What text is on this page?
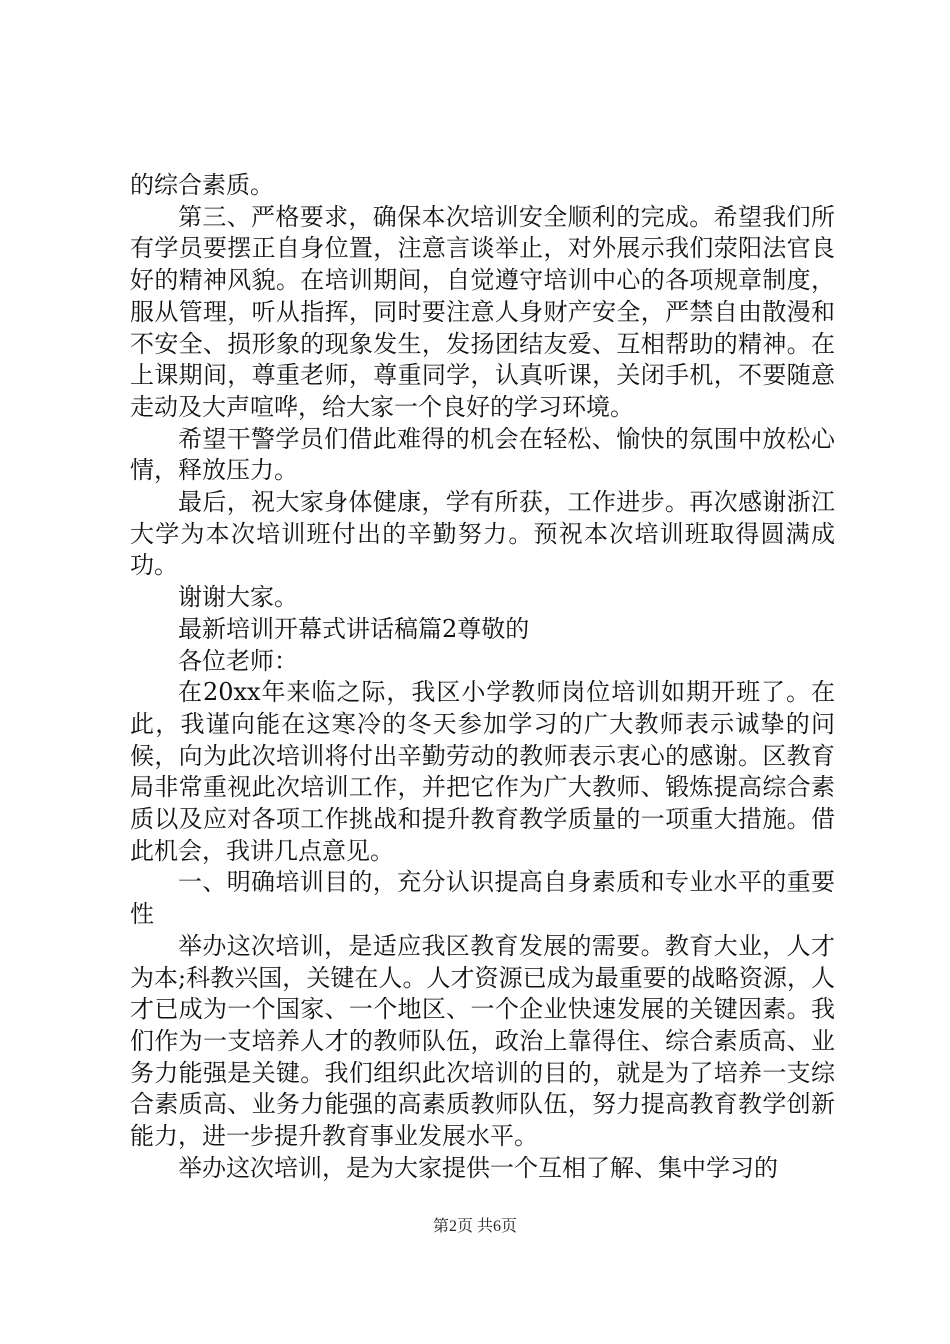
的综合素质。

第三、严格要求，确保本次培训安全顺利的完成。希望我们所有学员要摆正自身位置，注意言谈举止，对外展示我们荥阳法官良好的精神风貌。在培训期间，自觉遵守培训中心的各项规章制度，服从管理，听从指挥，同时要注意人身财产安全，严禁自由散漫和不安全、损形象的现象发生，发扬团结友爱、互相帮助的精神。在上课期间，尊重老师，尊重同学，认真听课，关闭手机，不要随意走动及大声喧哗，给大家一个良好的学习环境。

希望干警学员们借此难得的机会在轻松、愉快的氛围中放松心情，释放压力。

最后，祝大家身体健康，学有所获，工作进步。再次感谢浙江大学为本次培训班付出的辛勤努力。预祝本次培训班取得圆满成功。

谢谢大家。

最新培训开幕式讲话稿篇2尊敬的

各位老师：

在20xx年来临之际，我区小学教师岗位培训如期开班了。在此，我谨向能在这寒冷的冬天参加学习的广大教师表示诚挚的问候，向为此次培训将付出辛勤劳动的教师表示衷心的感谢。区教育局非常重视此次培训工作，并把它作为广大教师、锻炼提高综合素质以及应对各项工作挑战和提升教育教学质量的一项重大措施。借此机会，我讲几点意见。

一、明确培训目的，充分认识提高自身素质和专业水平的重要性

举办这次培训，是适应我区教育发展的需要。教育大业，人才为本;科教兴国，关键在人。人才资源已成为最重要的战略资源，人才已成为一个国家、一个地区、一个企业快速发展的关键因素。我们作为一支培养人才的教师队伍，政治上靠得住、综合素质高、业务力能强是关键。我们组织此次培训的目的，就是为了培养一支综合素质高、业务力能强的高素质教师队伍，努力提高教育教学创新能力，进一步提升教育事业发展水平。

举办这次培训，是为大家提供一个互相了解、集中学习的

第2页 共6页
